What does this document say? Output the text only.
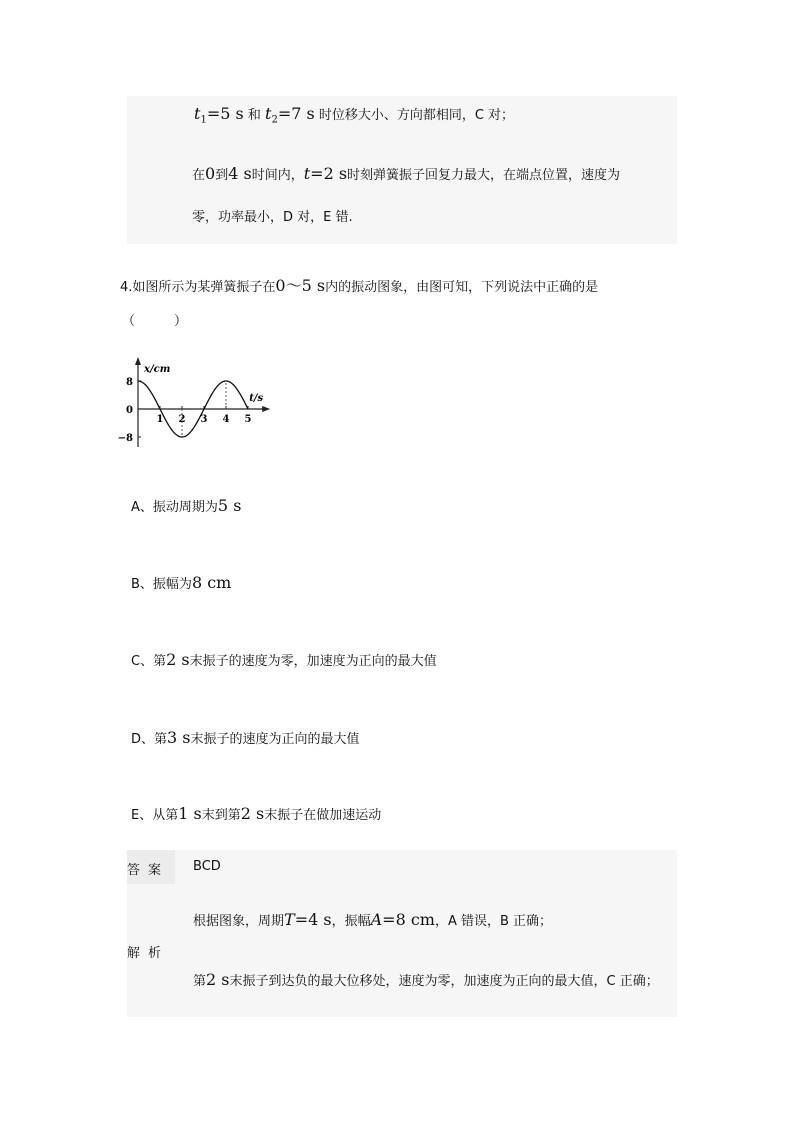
$t_1=5$ s 和 $t_2=7$ s 时位移大小、方向都相同，C 对；
在0到4 s时间内，t=2 s时刻弹簧振子回复力最大，在端点位置，速度为
零，功率最小，D 对，E 错.
4.如图所示为某弹簧振子在0～5 s内的振动图象，由图可知，下列说法中正确的是
（　　　）
x/cm
t/s
8
0
−8
1 2 3 4 5
A、振动周期为5 s
B、振幅为8 cm
C、第2 s末振子的速度为零，加速度为正向的最大值
D、第3 s末振子的速度为正向的最大值
E、从第1 s末到第2 s末振子在做加速运动
答案	BCD
解析
根据图象，周期T=4 s，振幅A=8 cm，A 错误，B 正确；
第2 s末振子到达负的最大位移处，速度为零，加速度为正向的最大值，C 正确；
